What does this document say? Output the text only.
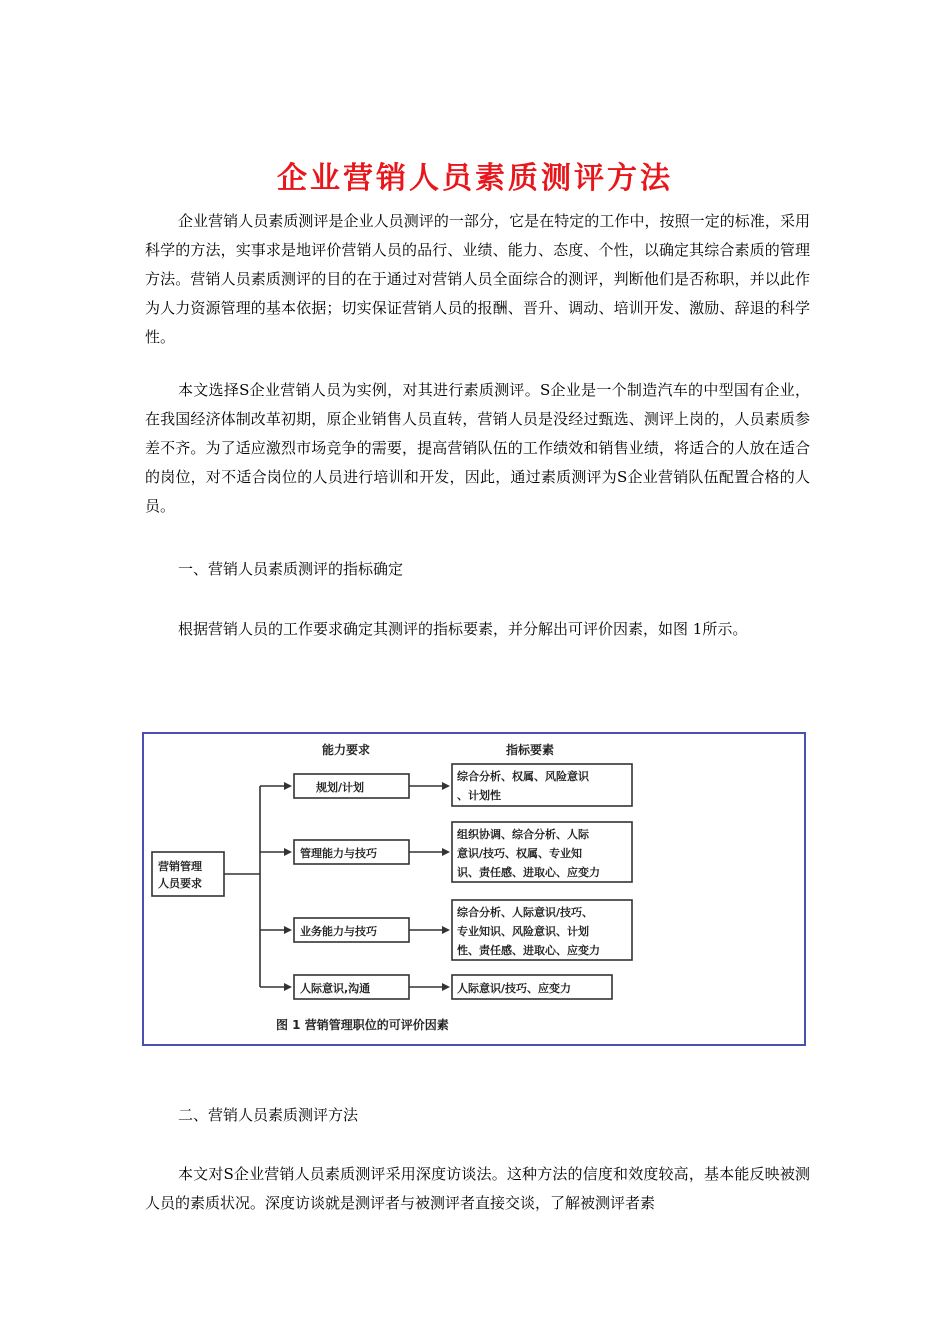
企业营销人员素质测评方法

企业营销人员素质测评是企业人员测评的一部分，它是在特定的工作中，按照一定的标准，采用科学的方法，实事求是地评价营销人员的品行、业绩、能力、态度、个性，以确定其综合素质的管理方法。营销人员素质测评的目的在于通过对营销人员全面综合的测评，判断他们是否称职，并以此作为人力资源管理的基本依据；切实保证营销人员的报酬、晋升、调动、培训开发、激励、辞退的科学性。

本文选择S企业营销人员为实例，对其进行素质测评。S企业是一个制造汽车的中型国有企业，在我国经济体制改革初期，原企业销售人员直转，营销人员是没经过甄选、测评上岗的，人员素质参差不齐。为了适应激烈市场竞争的需要，提高营销队伍的工作绩效和销售业绩，将适合的人放在适合的岗位，对不适合岗位的人员进行培训和开发，因此，通过素质测评为S企业营销队伍配置合格的人员。

一、营销人员素质测评的指标确定

根据营销人员的工作要求确定其测评的指标要素，并分解出可评价因素，如图 1所示。

能力要求	指标要素
营销管理
人员要求
规划/计划
管理能力与技巧
业务能力与技巧
人际意识,沟通
综合分析、权属、风险意识
、计划性
组织协调、综合分析、人际
意识/技巧、权属、专业知
识、责任感、进取心、应变力
综合分析、人际意识/技巧、
专业知识、风险意识、计划
性、责任感、进取心、应变力
人际意识/技巧、应变力
图 1 营销管理职位的可评价因素

二、营销人员素质测评方法

本文对S企业营销人员素质测评采用深度访谈法。这种方法的信度和效度较高，基本能反映被测人员的素质状况。深度访谈就是测评者与被测评者直接交谈，了解被测评者素
